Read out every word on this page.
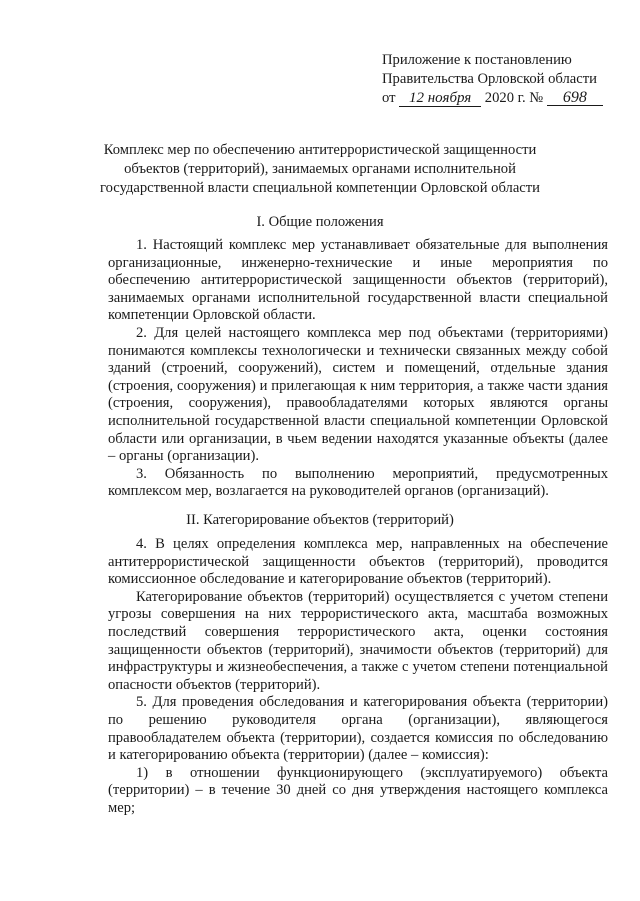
Приложение к постановлению
Правительства Орловской области
от 12 ноября 2020 г. № 698
Комплекс мер по обеспечению антитеррористической защищенности
объектов (территорий), занимаемых органами исполнительной
государственной власти специальной компетенции Орловской области
I. Общие положения

1. Настоящий комплекс мер устанавливает обязательные для выполнения организационные, инженерно-технические и иные мероприятия по обеспечению антитеррористической защищенности объектов (территорий), занимаемых органами исполнительной государственной власти специальной компетенции Орловской области.

2. Для целей настоящего комплекса мер под объектами (территориями) понимаются комплексы технологически и технически связанных между собой зданий (строений, сооружений), систем и помещений, отдельные здания (строения, сооружения) и прилегающая к ним территория, а также части здания (строения, сооружения), правообладателями которых являются органы исполнительной государственной власти специальной компетенции Орловской области или организации, в чьем ведении находятся указанные объекты (далее – органы (организации).

3. Обязанность по выполнению мероприятий, предусмотренных комплексом мер, возлагается на руководителей органов (организаций).

II. Категорирование объектов (территорий)

4. В целях определения комплекса мер, направленных на обеспечение антитеррористической защищенности объектов (территорий), проводится комиссионное обследование и категорирование объектов (территорий).

Категорирование объектов (территорий) осуществляется с учетом степени угрозы совершения на них террористического акта, масштаба возможных последствий совершения террористического акта, оценки состояния защищенности объектов (территорий), значимости объектов (территорий) для инфраструктуры и жизнеобеспечения, а также с учетом степени потенциальной опасности объектов (территорий).

5. Для проведения обследования и категорирования объекта (территории) по решению руководителя органа (организации), являющегося правообладателем объекта (территории), создается комиссия по обследованию и категорированию объекта (территории) (далее – комиссия):

1) в отношении функционирующего (эксплуатируемого) объекта (территории) – в течение 30 дней со дня утверждения настоящего комплекса мер;
